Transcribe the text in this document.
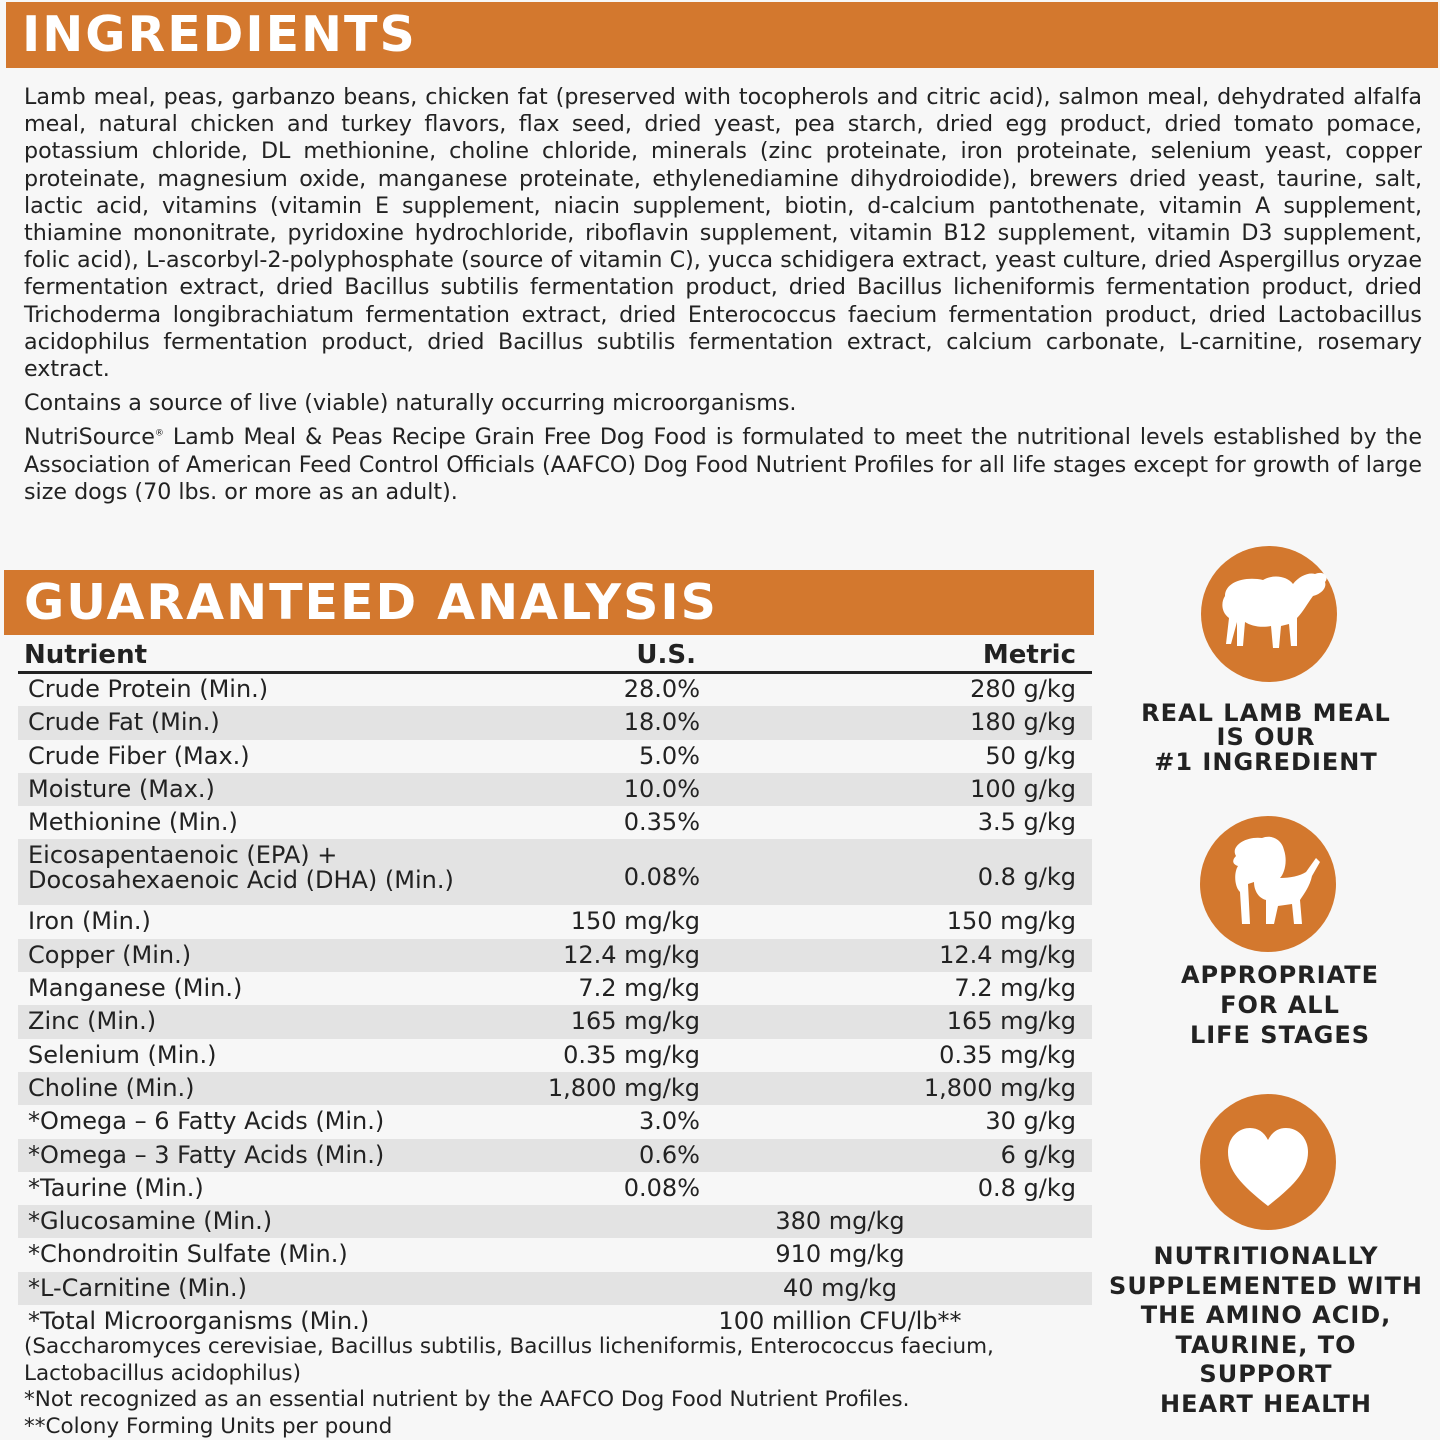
INGREDIENTS

Lamb meal, peas, garbanzo beans, chicken fat (preserved with tocopherols and citric acid), salmon meal, dehydrated alfalfa meal, natural chicken and turkey flavors, flax seed, dried yeast, pea starch, dried egg product, dried tomato pomace, potassium chloride, DL methionine, choline chloride, minerals (zinc proteinate, iron proteinate, selenium yeast, copper proteinate, magnesium oxide, manganese proteinate, ethylenediamine dihydroiodide), brewers dried yeast, taurine, salt, lactic acid, vitamins (vitamin E supplement, niacin supplement, biotin, d-calcium pantothenate, vitamin A supplement, thiamine mononitrate, pyridoxine hydrochloride, riboflavin supplement, vitamin B12 supplement, vitamin D3 supplement, folic acid), L-ascorbyl-2-polyphosphate (source of vitamin C), yucca schidigera extract, yeast culture, dried Aspergillus oryzae fermentation extract, dried Bacillus subtilis fermentation product, dried Bacillus licheniformis fermentation product, dried Trichoderma longibrachiatum fermentation extract, dried Enterococcus faecium fermentation product, dried Lactobacillus acidophilus fermentation product, dried Bacillus subtilis fermentation extract, calcium carbonate, L-carnitine, rosemary extract.

Contains a source of live (viable) naturally occurring microorganisms.

NutriSource® Lamb Meal & Peas Recipe Grain Free Dog Food is formulated to meet the nutritional levels established by the Association of American Feed Control Officials (AAFCO) Dog Food Nutrient Profiles for all life stages except for growth of large size dogs (70 lbs. or more as an adult).

GUARANTEED ANALYSIS
Nutrient	U.S.	Metric
Crude Protein (Min.)	28.0%	280 g/kg
Crude Fat (Min.)	18.0%	180 g/kg
Crude Fiber (Max.)	5.0%	50 g/kg
Moisture (Max.)	10.0%	100 g/kg
Methionine (Min.)	0.35%	3.5 g/kg
Eicosapentaenoic (EPA) +
Docosahexaenoic Acid (DHA) (Min.)	0.08%	0.8 g/kg
Iron (Min.)	150 mg/kg	150 mg/kg
Copper (Min.)	12.4 mg/kg	12.4 mg/kg
Manganese (Min.)	7.2 mg/kg	7.2 mg/kg
Zinc (Min.)	165 mg/kg	165 mg/kg
Selenium (Min.)	0.35 mg/kg	0.35 mg/kg
Choline (Min.)	1,800 mg/kg	1,800 mg/kg
*Omega – 6 Fatty Acids (Min.)	3.0%	30 g/kg
*Omega – 3 Fatty Acids (Min.)	0.6%	6 g/kg
*Taurine (Min.)	0.08%	0.8 g/kg
*Glucosamine (Min.)	380 mg/kg
*Chondroitin Sulfate (Min.)	910 mg/kg
*L-Carnitine (Min.)	40 mg/kg
*Total Microorganisms (Min.)	100 million CFU/lb**
(Saccharomyces cerevisiae, Bacillus subtilis, Bacillus licheniformis, Enterococcus faecium,
Lactobacillus acidophilus)
*Not recognized as an essential nutrient by the AAFCO Dog Food Nutrient Profiles.
**Colony Forming Units per pound
REAL LAMB MEAL
IS OUR
#1 INGREDIENT
APPROPRIATE
FOR ALL
LIFE STAGES
NUTRITIONALLY
SUPPLEMENTED WITH
THE AMINO ACID,
TAURINE, TO SUPPORT
HEART HEALTH
